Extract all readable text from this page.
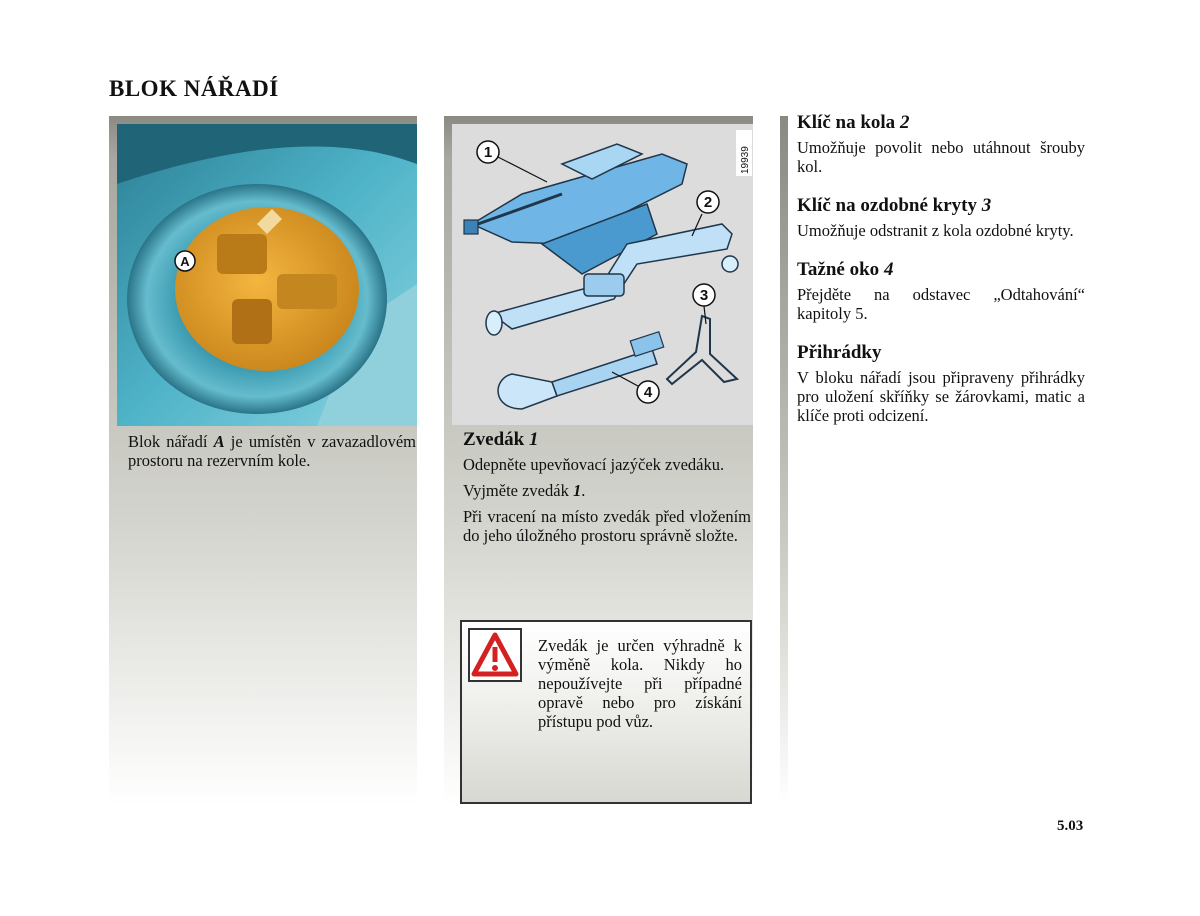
BLOK NÁŘADÍ
A
Blok nářadí A je umístěn v zavazadlovém prostoru na rezervním kole.
19939
1
2
3
4
Zvedák 1

Odepněte upevňovací jazýček zvedáku.

Vyjměte zvedák 1.

Při vracení na místo zvedák před vložením do jeho úložného prostoru správně složte.

Zvedák je určen výhradně k výměně kola. Nikdy ho nepoužívejte při případné opravě nebo pro získání přístupu pod vůz.
Klíč na kola 2
Umožňuje povolit nebo utáhnout šrouby kol.
Klíč na ozdobné kryty 3
Umožňuje odstranit z kola ozdobné kryty.
Tažné oko 4
Přejděte na odstavec „Odtahování“ kapitoly 5.
Přihrádky
V bloku nářadí jsou připraveny přihrádky pro uložení skříňky se žárovkami, matic a klíče proti odcizení.
5.03
